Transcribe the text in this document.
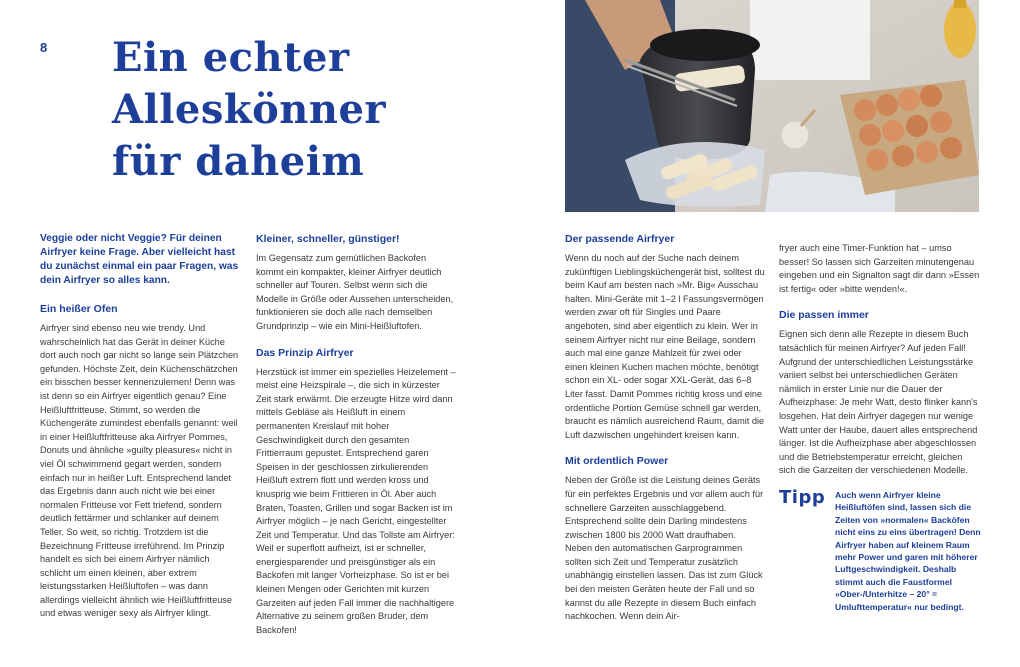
8 Ein echter
Alleskönner
für daheim

Veggie oder nicht Veggie? Für deinen Airfryer keine Frage. Aber vielleicht hast du zunächst einmal ein paar Fragen, was dein Airfryer so alles kann.

Ein heißer Ofen

Airfryer sind ebenso neu wie trendy. Und wahrscheinlich hat das Gerät in deiner Küche dort auch noch gar nicht so lange sein Plätzchen gefunden. Höchste Zeit, dein Küchenschätzchen ein bisschen besser kennenzulernen! Denn was ist denn so ein Airfryer eigentlich genau? Eine Heißluftfritteuse. Stimmt, so werden die Küchengeräte zumindest ebenfalls genannt: weil in einer Heißluftfritteuse aka Airfryer Pommes, Donuts und ähnliche »guilty pleasures« nicht in viel Öl schwimmend gegart werden, sondern einfach nur in heißer Luft. Entsprechend landet das Ergebnis dann auch nicht wie bei einer normalen Fritteuse vor Fett triefend, sondern deutlich fettärmer und schlanker auf deinem Teller. So weit, so richtig. Trotzdem ist die Bezeichnung Fritteuse irreführend. Im Prinzip handelt es sich bei einem Airfryer nämlich schlicht um einen kleinen, aber extrem leistungsstarken Heißluftofen – was dann allerdings vielleicht ähnlich wie Heißluftfritteuse und etwas weniger sexy als Airfryer klingt.

Kleiner, schneller, günstiger!

Im Gegensatz zum gemütlichen Backofen kommt ein kompakter, kleiner Airfryer deutlich schneller auf Touren. Selbst wenn sich die Modelle in Größe oder Aussehen unterscheiden, funktionieren sie doch alle nach demselben Grundprinzip – wie ein Mini-Heißluftofen.

Das Prinzip Airfryer

Herzstück ist immer ein spezielles Heizelement – meist eine Heizspirale –, die sich in kürzester Zeit stark erwärmt. Die erzeugte Hitze wird dann mittels Gebläse als Heißluft in einem permanenten Kreislauf mit hoher Geschwindigkeit durch den gesamten Frittierraum gepustet. Entsprechend garen Speisen in der geschlossen zirkulierenden Heißluft extrem flott und werden kross und knusprig wie beim Frittieren in Öl. Aber auch Braten, Toasten, Grillen und sogar Backen ist im Airfryer möglich – je nach Gericht, eingestellter Zeit und Temperatur. Und das Tollste am Airfryer: Weil er superflott aufheizt, ist er schneller, energiesparender und preisgünstiger als ein Backofen mit langer Vorheizphase. So ist er bei kleinen Mengen oder Gerichten mit kurzen Garzeiten auf jeden Fall immer die nachhaltigere Alternative zu seinem großen Bruder, dem Backofen!

Der passende Airfryer

Wenn du noch auf der Suche nach deinem zukünftigen Lieblingsküchengerät bist, solltest du beim Kauf am besten nach »Mr. Big« Ausschau halten. Mini-Geräte mit 1–2 l Fassungsvermögen werden zwar oft für Singles und Paare angeboten, sind aber eigentlich zu klein. Wer in seinem Airfryer nicht nur eine Beilage, sondern auch mal eine ganze Mahlzeit für zwei oder einen kleinen Kuchen machen möchte, benötigt schon ein XL- oder sogar XXL-Gerät, das 6–8 Liter fasst. Damit Pommes richtig kross und eine ordentliche Portion Gemüse schnell gar werden, braucht es nämlich ausreichend Raum, damit die Luft dazwischen ungehindert kreisen kann.

Mit ordentlich Power

Neben der Größe ist die Leistung deines Geräts für ein perfektes Ergebnis und vor allem auch für schnellere Garzeiten ausschlaggebend. Entsprechend sollte dein Darling mindestens zwischen 1800 bis 2000 Watt draufhaben. Neben den automatischen Garprogrammen sollten sich Zeit und Temperatur zusätzlich unabhängig einstellen lassen. Das ist zum Glück bei den meisten Geräten heute der Fall und so kannst du alle Rezepte in diesem Buch einfach nachkochen. Wenn dein Air-

fryer auch eine Timer-Funktion hat – umso besser! So lassen sich Garzeiten minutengenau eingeben und ein Signalton sagt dir dann »Essen ist fertig« oder »bitte wenden!«.

Die passen immer

Eignen sich denn alle Rezepte in diesem Buch tatsächlich für meinen Airfryer? Auf jeden Fall! Aufgrund der unterschiedlichen Leistungsstärke variiert selbst bei unterschiedlichen Geräten nämlich in erster Linie nur die Dauer der Aufheizphase: Je mehr Watt, desto flinker kann's losgehen. Hat dein Airfryer dagegen nur wenige Watt unter der Haube, dauert alles entsprechend länger. Ist die Aufheizphase aber abgeschlossen und die Betriebstemperatur erreicht, gleichen sich die Garzeiten der verschiedenen Modelle.

Tipp Auch wenn Airfryer kleine Heißluftöfen sind, lassen sich die Zeiten von »normalen« Backöfen nicht eins zu eins übertragen! Denn Airfryer haben auf kleinem Raum mehr Power und garen mit höherer Luftgeschwindigkeit. Deshalb stimmt auch die Faustformel »Ober-/Unterhitze – 20° = Umlufttemperatur« nur bedingt.
